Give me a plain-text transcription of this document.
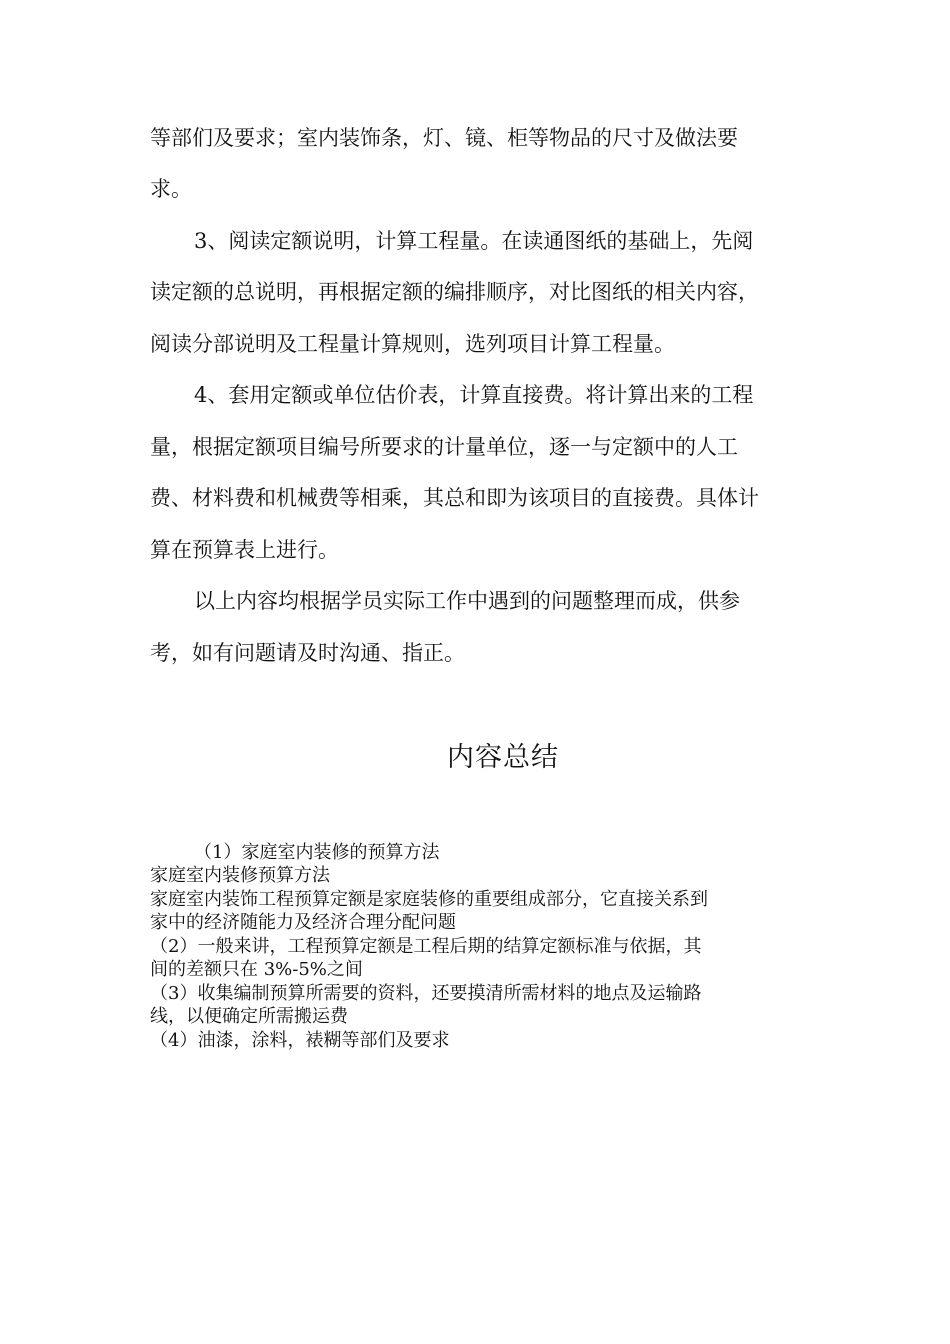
等部们及要求；室内装饰条，灯、镜、柜等物品的尺寸及做法要
求。
3、阅读定额说明，计算工程量。在读通图纸的基础上，先阅
读定额的总说明，再根据定额的编排顺序，对比图纸的相关内容，
阅读分部说明及工程量计算规则，选列项目计算工程量。
4、套用定额或单位估价表，计算直接费。将计算出来的工程
量，根据定额项目编号所要求的计量单位，逐一与定额中的人工
费、材料费和机械费等相乘，其总和即为该项目的直接费。具体计
算在预算表上进行。
以上内容均根据学员实际工作中遇到的问题整理而成，供参
考，如有问题请及时沟通、指正。
内容总结
（1）家庭室内装修的预算方法
家庭室内装修预算方法
家庭室内装饰工程预算定额是家庭装修的重要组成部分，它直接关系到
家中的经济随能力及经济合理分配问题
（2）一般来讲，工程预算定额是工程后期的结算定额标准与依据，其
间的差额只在 3%-5%之间
（3）收集编制预算所需要的资料，还要摸清所需材料的地点及运输路
线，以便确定所需搬运费
（4）油漆，涂料，裱糊等部们及要求
